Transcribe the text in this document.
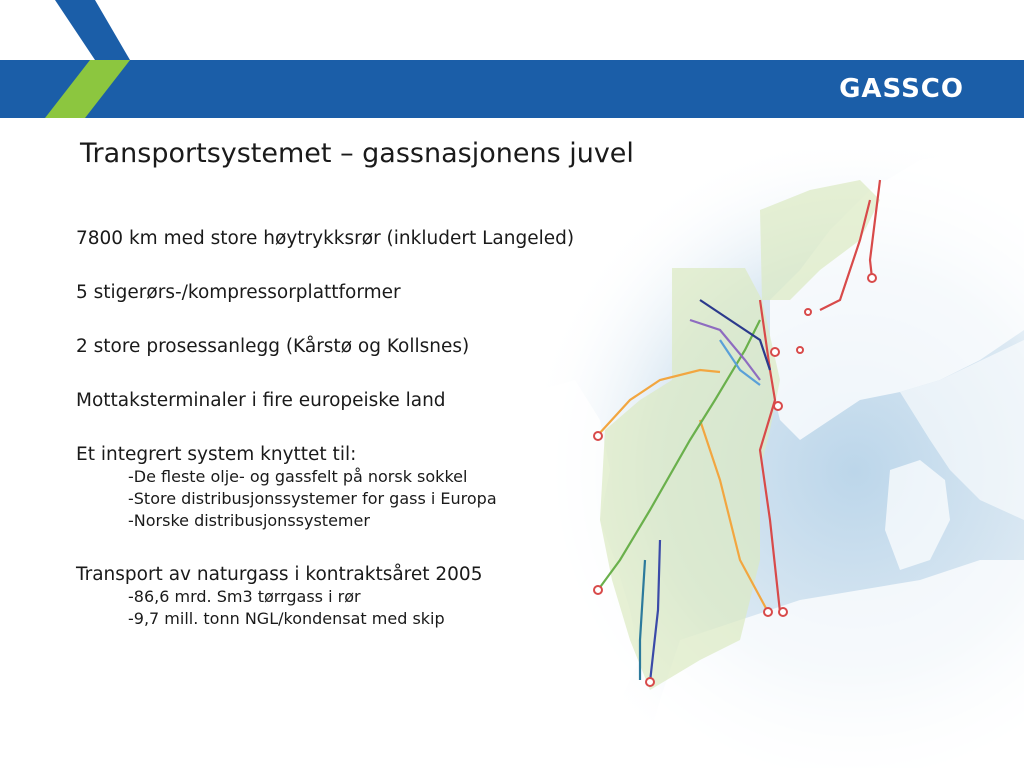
GASSCO
Transportsystemet – gassnasjonens juvel
7800 km med store høytrykksrør (inkludert Langeled)
5 stigerørs-/kompressorplattformer
2 store prosessanlegg (Kårstø og Kollsnes)
Mottaksterminaler i fire europeiske land
Et integrert system knyttet til:
-De fleste olje- og gassfelt på norsk sokkel
-Store distribusjonssystemer for gass i Europa
-Norske distribusjonssystemer
Transport av naturgass i kontraktsåret 2005
-86,6 mrd. Sm3 tørrgass i rør
-9,7 mill. tonn NGL/kondensat med skip
